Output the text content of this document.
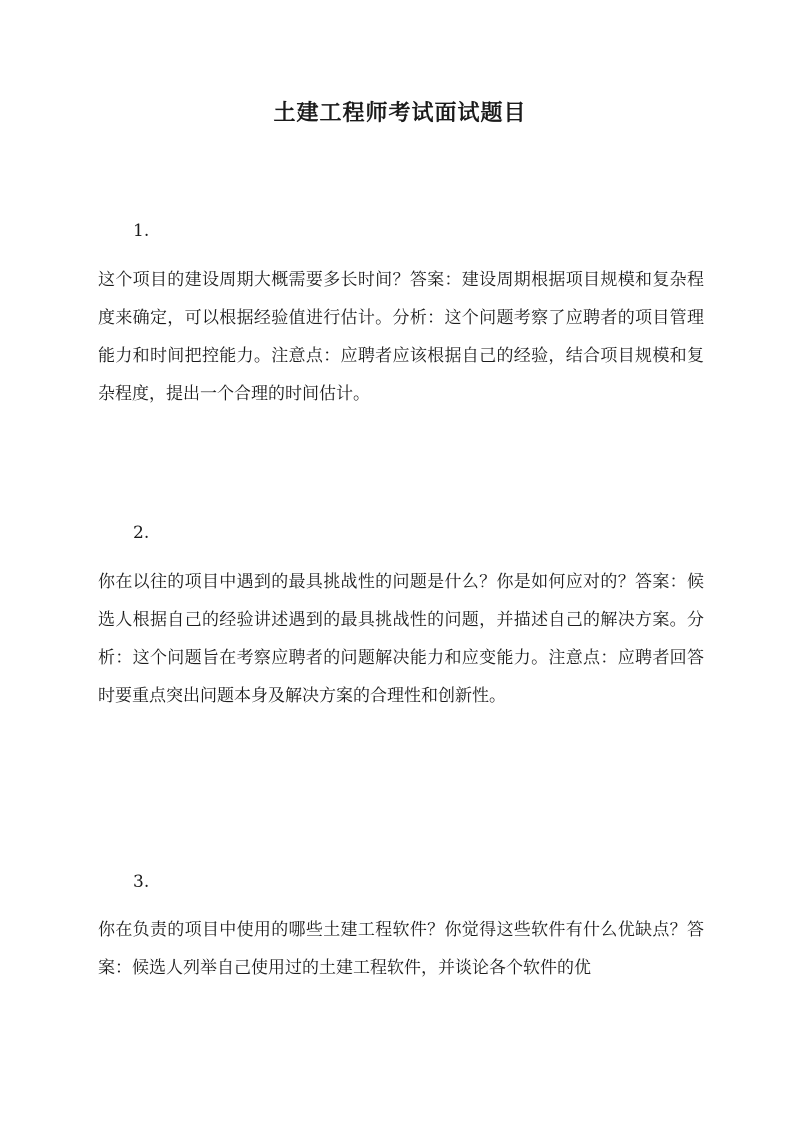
土建工程师考试面试题目

1.

这个项目的建设周期大概需要多长时间？答案：建设周期根据项目规模和复杂程度来确定，可以根据经验值进行估计。分析：这个问题考察了应聘者的项目管理能力和时间把控能力。注意点：应聘者应该根据自己的经验，结合项目规模和复杂程度，提出一个合理的时间估计。

2.

你在以往的项目中遇到的最具挑战性的问题是什么？你是如何应对的？答案：候选人根据自己的经验讲述遇到的最具挑战性的问题，并描述自己的解决方案。分析：这个问题旨在考察应聘者的问题解决能力和应变能力。注意点：应聘者回答时要重点突出问题本身及解决方案的合理性和创新性。

3.

你在负责的项目中使用的哪些土建工程软件？你觉得这些软件有什么优缺点？答案：候选人列举自己使用过的土建工程软件，并谈论各个软件的优
